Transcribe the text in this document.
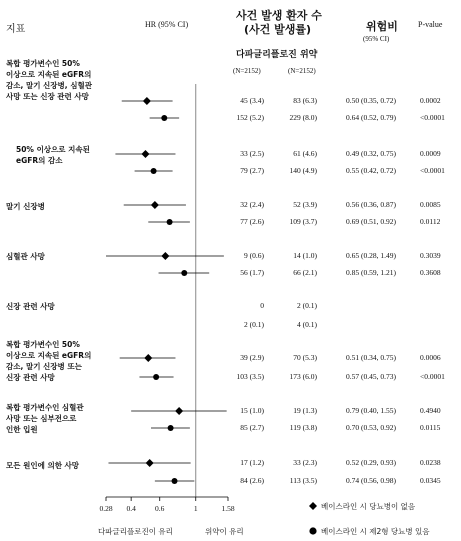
지표	HR (95% CI)
사건 발생 환자 수
(사건 발생률)	위험비
(95% CI)
P-value
다파글리플로진 위약
(N=2152)	(N=2152)
복합 평가변수인 50%
이상으로 지속된 eGFR의
감소, 말기 신장병, 심혈관
사망 또는 신장 관련 사망	45 (3.4)	83 (6.3)	0.50 (0.35, 0.72)	0.0002
152 (5.2)	229 (8.0)	0.64 (0.52, 0.79)	<0.0001
50% 이상으로 지속된
eGFR의 감소
33 (2.5)	61 (4.6)	0.49 (0.32, 0.75)	0.0009
79 (2.7)	140 (4.9)	0.55 (0.42, 0.72)	<0.0001
말기 신장병	32 (2.4)	52 (3.9)	0.56 (0.36, 0.87)	0.0085
77 (2.6)	109 (3.7)	0.69 (0.51, 0.92)	0.0112
심혈관 사망	9 (0.6)	14 (1.0)	0.65 (0.28, 1.49)	0.3039
56 (1.7)	66 (2.1)	0.85 (0.59, 1.21)	0.3608
신장 관련 사망	0	2 (0.1)
2 (0.1)	4 (0.1)
복합 평가변수인 50%
이상으로 지속된 eGFR의
감소, 말기 신장병 또는
신장 관련 사망
39 (2.9)	70 (5.3)	0.51 (0.34, 0.75)	0.0006
103 (3.5)	173 (6.0)	0.57 (0.45, 0.73)	<0.0001
복합 평가변수인 심혈관
사망 또는 심부전으로
인한 입원
15 (1.0)	19 (1.3)	0.79 (0.40, 1.55)	0.4940
85 (2.7)	119 (3.8)	0.70 (0.53, 0.92)	0.0115
모든 원인에 의한 사망	17 (1.2)	33 (2.3)	0.52 (0.29, 0.93)	0.0238
84 (2.6)	113 (3.5)	0.74 (0.56, 0.98)	0.0345
0.28	0.4	0.6	1	1.58
다파글리플로진이 유리	위약이 유리
베이스라인 시 당뇨병이 없음
베이스라인 시 제2형 당뇨병 있음
